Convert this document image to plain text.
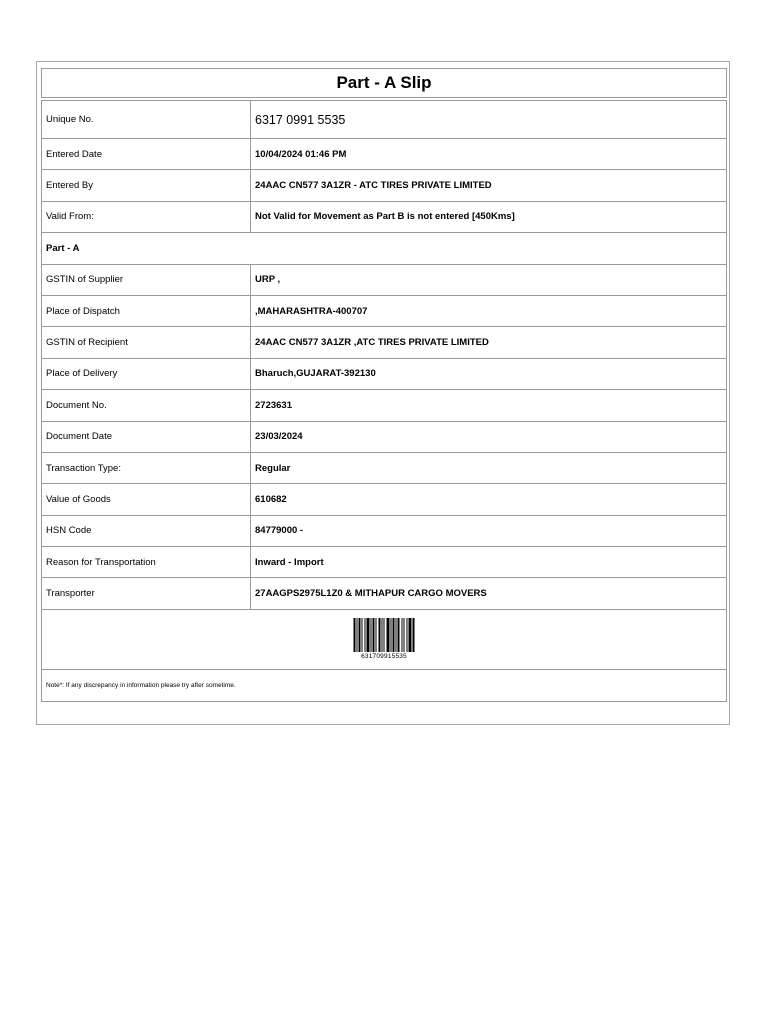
Part - A Slip
Unique No.	6317 0991 5535
Entered Date	10/04/2024 01:46 PM
Entered By	24AAC CN577 3A1ZR - ATC TIRES PRIVATE LIMITED
Valid From:	Not Valid for Movement as Part B is not entered [450Kms]
Part - A	
GSTIN of Supplier	URP ,
Place of Dispatch	,MAHARASHTRA-400707
GSTIN of Recipient	24AAC CN577 3A1ZR ,ATC TIRES PRIVATE LIMITED
Place of Delivery	Bharuch,GUJARAT-392130
Document No.	2723631
Document Date	23/03/2024
Transaction Type:	Regular
Value of Goods	610682
HSN Code	84779000 -
Reason for Transportation	Inward - Import
Transporter	27AAGPS2975L1Z0 & MITHAPUR CARGO MOVERS

631709915535	

Note*: If any discrepancy in information please try after sometime.	
